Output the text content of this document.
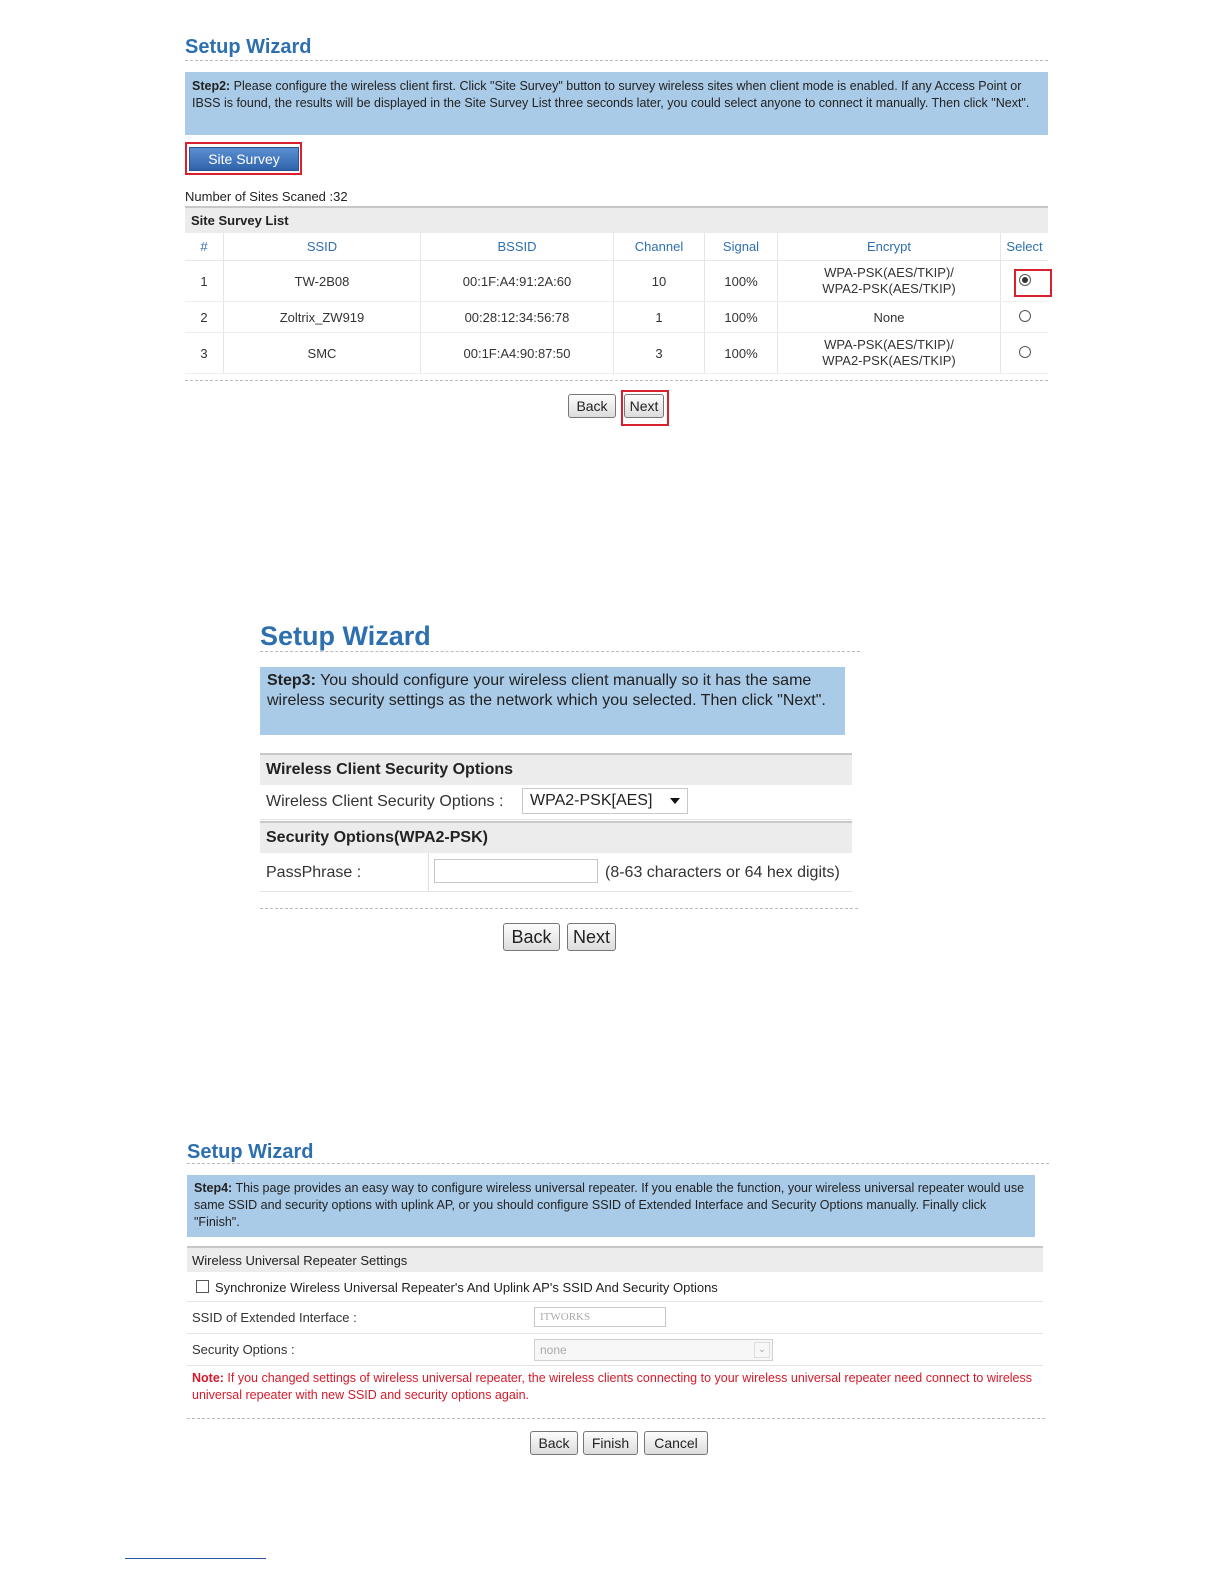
Setup Wizard
Step2: Please configure the wireless client first. Click "Site Survey" button to survey wireless sites when client mode is enabled. If any Access Point or IBSS is found, the results will be displayed in the Site Survey List three seconds later, you could select anyone to connect it manually. Then click "Next".
Site Survey
Number of Sites Scaned :32
Site Survey List
#	SSID	BSSID	Channel	Signal	Encrypt	Select
1	TW-2B08	00:1F:A4:91:2A:60	10	100%	WPA-PSK(AES/TKIP)/
WPA2-PSK(AES/TKIP)	

2	Zoltrix_ZW919	00:28:12:34:56:78	1	100%	None	
3	SMC	00:1F:A4:90:87:50	3	100%	WPA-PSK(AES/TKIP)/
WPA2-PSK(AES/TKIP)	

Back	Next
Setup Wizard
Step3: You should configure your wireless client manually so it has the same wireless security settings as the network which you selected. Then click "Next".
Wireless Client Security Options
Wireless Client Security Options : WPA2-PSK[AES]
Security Options(WPA2-PSK)
PassPhrase :	(8-63 characters or 64 hex digits)
Back	Next
Setup Wizard
Step4: This page provides an easy way to configure wireless universal repeater. If you enable the function, your wireless universal repeater would use same SSID and security options with uplink AP, or you should configure SSID of Extended Interface and Security Options manually. Finally click "Finish".
Wireless Universal Repeater Settings
Synchronize Wireless Universal Repeater's And Uplink AP's SSID And Security Options
SSID of Extended Interface :	ITWORKS
Security Options :	none	⌄
Note: If you changed settings of wireless universal repeater, the wireless clients connecting to your wireless universal repeater need connect to wireless universal repeater with new SSID and security options again.
Back	Finish	Cancel
